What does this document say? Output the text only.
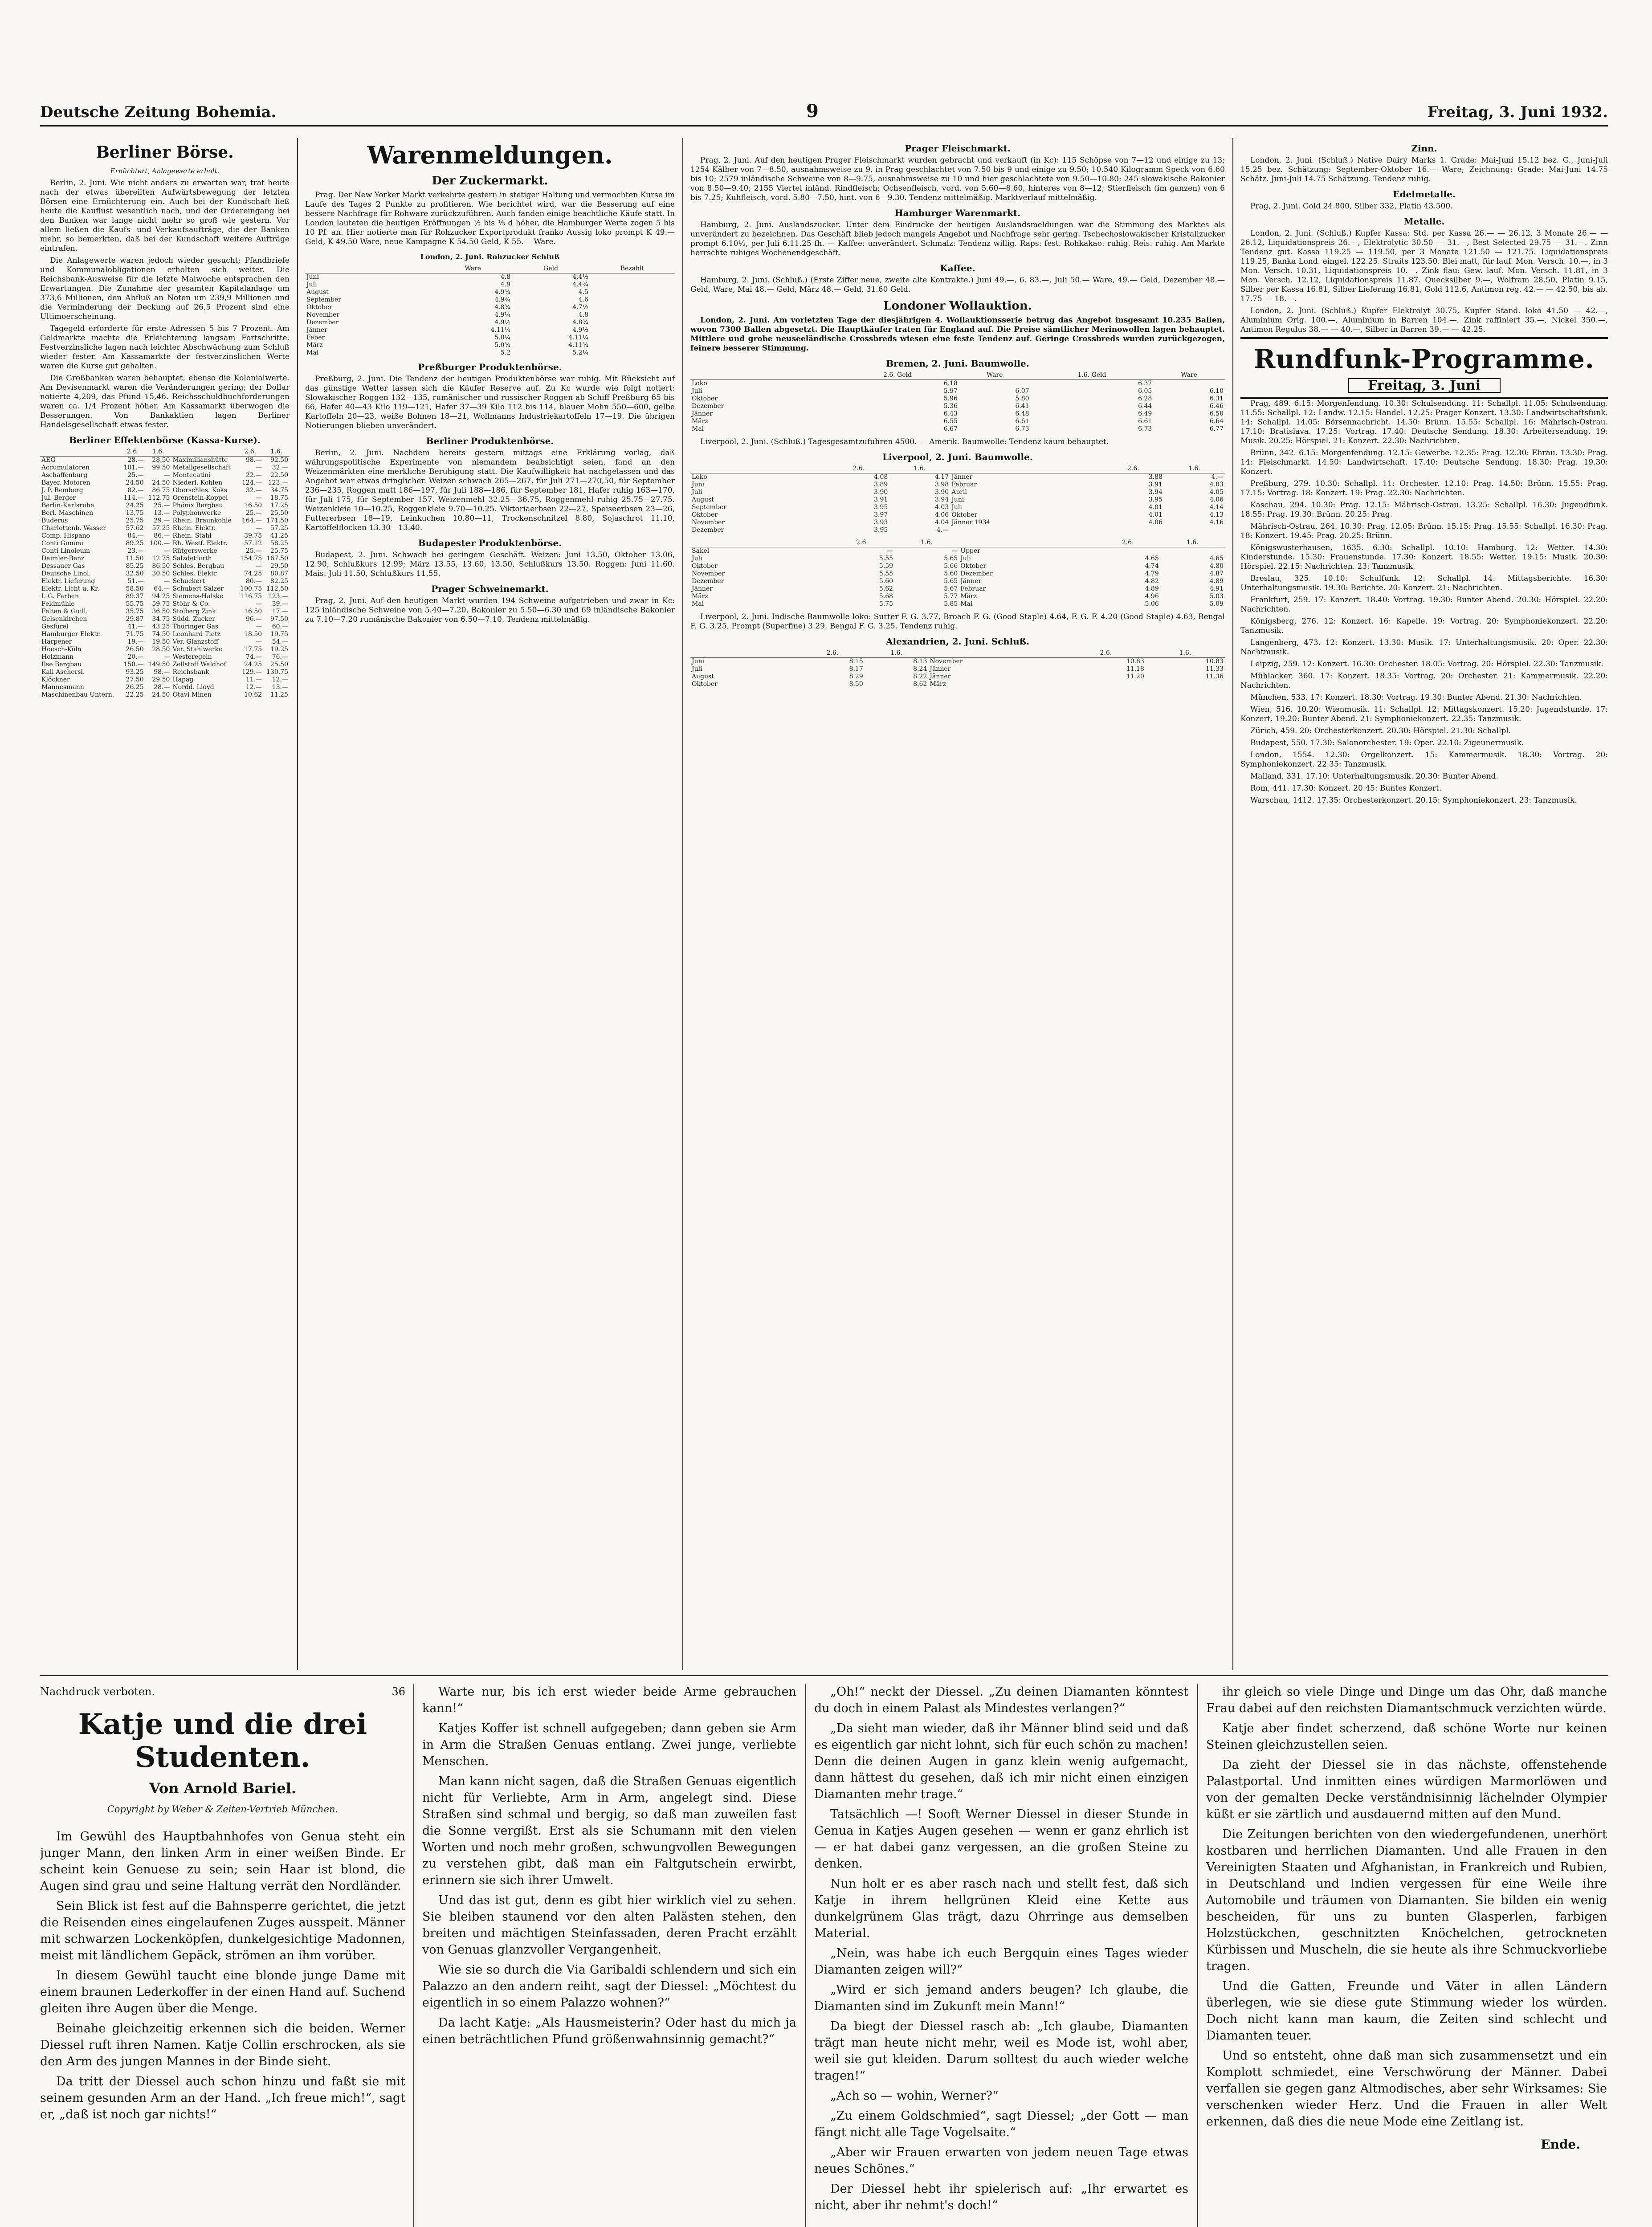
Deutsche Zeitung Bohemia.	9	Freitag, 3. Juni 1932.
Berliner Börse.
Ernüchtert, Anlagewerte erholt.

Berlin, 2. Juni. Wie nicht anders zu erwarten war, trat heute nach der etwas übereilten Aufwärtsbewegung der letzten Börsen eine Ernüchterung ein. Auch bei der Kundschaft ließ heute die Kauflust wesentlich nach, und der Ordereingang bei den Banken war lange nicht mehr so groß wie gestern. Vor allem ließen die Kaufs- und Verkaufsaufträge, die der Banken mehr, so bemerkten, daß bei der Kundschaft weitere Aufträge eintrafen.

Die Anlagewerte waren jedoch wieder gesucht; Pfandbriefe und Kommunalobligationen erholten sich weiter. Die Reichsbank-Ausweise für die letzte Maiwoche entsprachen den Erwartungen. Die Zunahme der gesamten Kapitalanlage um 373,6 Millionen, den Abfluß an Noten um 239,9 Millionen und die Verminderung der Deckung auf 26,5 Prozent sind eine Ultimoerscheinung.

Tagegeld erforderte für erste Adressen 5 bis 7 Prozent. Am Geldmarkte machte die Erleichterung langsam Fortschritte. Festverzinsliche lagen nach leichter Abschwächung zum Schluß wieder fester. Am Kassamarkte der festverzinslichen Werte waren die Kurse gut gehalten.

Die Großbanken waren behauptet, ebenso die Kolonialwerte. Am Devisenmarkt waren die Veränderungen gering; der Dollar notierte 4,209, das Pfund 15,46. Reichsschuldbuchforderungen waren ca. 1/4 Prozent höher. Am Kassamarkt überwogen die Besserungen. Von Bankaktien lagen Berliner Handelsgesellschaft etwas fester.

Berliner Effektenbörse (Kassa-Kurse).
	2.6.	1.6.		2.6.	1.6.
AEG	28.—	28.50	Maximilianshütte	98.—	92.50
Accumulatoren	101.—	99.50	Metallgesellschaft	—	32.—
Aschaffenburg	25.—	—	Montecatini	22.—	22.50
Bayer. Motoren	24.50	24.50	Niederl. Kohlen	124.—	123.—
J. P. Bemberg	82.—	86.75	Oberschles. Koks	32.—	34.75
Jul. Berger	114.—	112.75	Orenstein-Koppel	—	18.75
Berlin-Karlsruhe	24.25	25.—	Phönix Bergbau	16.50	17.25
Berl. Maschinen	13.75	13.—	Polyphonwerke	25.—	25.50
Buderus	25.75	29.—	Rhein. Braunkohle	164.—	171.50
Charlottenb. Wasser	57.62	57.25	Rhein. Elektr.	—	57.25
Comp. Hispano	84.—	86.—	Rhein. Stahl	39.75	41.25
Conti Gummi	89.25	100.—	Rh. Westf. Elektr.	57.12	58.25
Conti Linoleum	23.—	—	Rütgerswerke	25.—	25.75
Daimler-Benz	11.50	12.75	Salzdetfurth	154.75	167.50
Dessauer Gas	85.25	86.50	Schles. Bergbau	—	29.50
Deutsche Linol.	32.50	30.50	Schles. Elektr.	74.25	80.87
Elektr. Lieferung	51.—	—	Schuckert	80.—	82.25
Elektr. Licht u. Kr.	58.50	64.—	Schubert-Salzer	100.75	112.50
I. G. Farben	89.37	94.25	Siemens-Halske	116.75	123.—
Feldmühle	55.75	59.75	Stöhr & Co.	—	39.—
Felten & Guill.	35.75	36.50	Stolberg Zink	16.50	17.—
Gelsenkirchen	29.87	34.75	Südd. Zucker	96.—	97.50
Gesfürel	41.—	43.25	Thüringer Gas	—	60.—
Hamburger Elektr.	71.75	74.50	Leonhard Tietz	18.50	19.75
Harpener	19.—	19.50	Ver. Glanzstoff	—	54.—
Hoesch-Köln	26.50	28.50	Ver. Stahlwerke	17.75	19.25
Holzmann	20.—	—	Westeregeln	74.—	76.—
Ilse Bergbau	150.—	149.50	Zellstoff Waldhof	24.25	25.50
Kali Aschersl.	93.25	98.—	Reichsbank	129.—	130.75
Klöckner	27.50	29.50	Hapag	11.—	12.—
Mannesmann	26.25	28.—	Nordd. Lloyd	12.—	13.—
Maschinenbau Untern.	22.25	24.50	Otavi Minen	10.62	11.25
Warenmeldungen.
Der Zuckermarkt.

Prag. Der New Yorker Markt verkehrte gestern in stetiger Haltung und vermochten Kurse im Laufe des Tages 2 Punkte zu profitieren. Wie berichtet wird, war die Besserung auf eine bessere Nachfrage für Rohware zurückzuführen. Auch fanden einige beachtliche Käufe statt. In London lauteten die heutigen Eröffnungen ½ bis ⅓ d höher, die Hamburger Werte zogen 5 bis 10 Pf. an. Hier notierte man für Rohzucker Exportprodukt franko Aussig loko prompt K 49.— Geld, K 49.50 Ware, neue Kampagne K 54.50 Geld, K 55.— Ware.

London, 2. Juni. Rohzucker Schluß
	Ware	Geld	Bezahlt
Juni	4.8	4.4½	
Juli	4.9	4.4¾	
August	4.9¾	4.5	
September	4.9¾	4.6	
Oktober	4.8¾	4.7½	
November	4.9¼	4.8	
Dezember	4.9½	4.8¾	
Jänner	4.11¼	4.9½	
Feber	5.0¼	4.11¼	
März	5.0¾	4.11¾	
Mai	5.2	5.2¼	
Preßburger Produktenbörse.

Preßburg, 2. Juni. Die Tendenz der heutigen Produktenbörse war ruhig. Mit Rücksicht auf das günstige Wetter lassen sich die Käufer Reserve auf. Zu Kc wurde wie folgt notiert: Slowakischer Roggen 132—135, rumänischer und russischer Roggen ab Schiff Preßburg 65 bis 66, Hafer 40—43 Kilo 119—121, Hafer 37—39 Kilo 112 bis 114, blauer Mohn 550—600, gelbe Kartoffeln 20—23, weiße Bohnen 18—21, Wollmanns Industriekartoffeln 17—19. Die übrigen Notierungen blieben unverändert.

Berliner Produktenbörse.

Berlin, 2. Juni. Nachdem bereits gestern mittags eine Erklärung vorlag, daß währungspolitische Experimente von niemandem beabsichtigt seien, fand an den Weizenmärkten eine merkliche Beruhigung statt. Die Kaufwilligkeit hat nachgelassen und das Angebot war etwas dringlicher. Weizen schwach 265—267, für Juli 271—270,50, für September 236—235, Roggen matt 186—197, für Juli 188—186, für September 181, Hafer ruhig 163—170, für Juli 175, für September 157. Weizenmehl 32.25—36.75, Roggenmehl ruhig 25.75—27.75. Weizenkleie 10—10.25, Roggenkleie 9.70—10.25. Viktoriaerbsen 22—27, Speiseerbsen 23—26, Futtererbsen 18—19, Leinkuchen 10.80—11, Trockenschnitzel 8.80, Sojaschrot 11.10, Kartoffelflocken 13.30—13.40.

Budapester Produktenbörse.

Budapest, 2. Juni. Schwach bei geringem Geschäft. Weizen: Juni 13.50, Oktober 13.06, 12.90, Schlußkurs 12.99; März 13.55, 13.60, 13.50, Schlußkurs 13.50. Roggen: Juni 11.60. Mais: Juli 11.50, Schlußkurs 11.55.

Prager Schweinemarkt.

Prag, 2. Juni. Auf den heutigen Markt wurden 194 Schweine aufgetrieben und zwar in Kc: 125 inländische Schweine von 5.40—7.20, Bakonier zu 5.50—6.30 und 69 inländische Bakonier zu 7.10—7.20 rumänische Bakonier von 6.50—7.10. Tendenz mittelmäßig.

Prager Fleischmarkt.

Prag, 2. Juni. Auf den heutigen Prager Fleischmarkt wurden gebracht und verkauft (in Kc): 115 Schöpse von 7—12 und einige zu 13; 1254 Kälber von 7—8.50, ausnahmsweise zu 9, in Prag geschlachtet von 7.50 bis 9 und einige zu 9.50; 10.540 Kilogramm Speck von 6.60 bis 10; 2579 inländische Schweine von 8—9.75, ausnahmsweise zu 10 und hier geschlachtete von 9.50—10.80; 245 slowakische Bakonier von 8.50—9.40; 2155 Viertel inländ. Rindfleisch; Ochsenfleisch, vord. von 5.60—8.60, hinteres von 8—12; Stierfleisch (im ganzen) von 6 bis 7.25; Kuhfleisch, vord. 5.80—7.50, hint. von 6—9.30. Tendenz mittelmäßig. Marktverlauf mittelmäßig.

Hamburger Warenmarkt.

Hamburg, 2. Juni. Auslandszucker. Unter dem Eindrucke der heutigen Auslandsmeldungen war die Stimmung des Marktes als unverändert zu bezeichnen. Das Geschäft blieb jedoch mangels Angebot und Nachfrage sehr gering. Tschechoslowakischer Kristallzucker prompt 6.10½, per Juli 6.11.25 fh. — Kaffee: unverändert. Schmalz: Tendenz willig. Raps: fest. Rohkakao: ruhig. Reis: ruhig. Am Markte herrschte ruhiges Wochenendgeschäft.

Kaffee.

Hamburg, 2. Juni. (Schluß.) (Erste Ziffer neue, zweite alte Kontrakte.) Juni 49.—, 6. 83.—, Juli 50.— Ware, 49.— Geld, Dezember 48.— Geld, Ware, Mai 48.— Geld, März 48.— Geld, 31.60 Geld.

Londoner Wollauktion.

London, 2. Juni. Am vorletzten Tage der diesjährigen 4. Wollauktionsserie betrug das Angebot insgesamt 10.235 Ballen, wovon 7300 Ballen abgesetzt. Die Hauptkäufer traten für England auf. Die Preise sämtlicher Merinowollen lagen behauptet. Mittlere und grobe neuseeländische Crossbreds wiesen eine feste Tendenz auf. Geringe Crossbreds wurden zurückgezogen, feinere besserer Stimmung.

Bremen, 2. Juni. Baumwolle.
	2.6. Geld	Ware	1.6. Geld	Ware
Loko	6.18		6.37	
Juli	5.97	6.07	6.05	6.10
Oktober	5.96	5.80	6.28	6.31
Dezember	5.36	6.41	6.44	6.46
Jänner	6.43	6.48	6.49	6.50
März	6.55	6.61	6.61	6.64
Mai	6.67	6.73	6.73	6.77

Liverpool, 2. Juni. (Schluß.) Tagesgesamtzufuhren 4500. — Amerik. Baumwolle: Tendenz kaum behauptet.

Liverpool, 2. Juni. Baumwolle.
	2.6.	1.6.		2.6.	1.6.
Loko	4.08	4.17	Jänner	3.88	4.—
Juni	3.89	3.98	Februar	3.91	4.03
Juli	3.90	3.90	April	3.94	4.05
August	3.91	3.94	Juni	3.95	4.06
September	3.95	4.03	Juli	4.01	4.14
Oktober	3.97	4.06	Oktober	4.01	4.13
November	3.93	4.04	Jänner 1934	4.06	4.16
Dezember	3.95	4.—			
	2.6.	1.6.		2.6.	1.6.
Sakel	—	—	Upper		
Juli	5.55	5.65	Juli	4.65	4.65
Oktober	5.59	5.66	Oktober	4.74	4.80
November	5.55	5.60	Dezember	4.79	4.87
Dezember	5.60	5.65	Jänner	4.82	4.89
Jänner	5.62	5.67	Februar	4.89	4.91
März	5.68	5.77	März	4.96	5.03
Mai	5.75	5.85	Mai	5.06	5.09

Liverpool, 2. Juni. Indische Baumwolle loko: Surter F. G. 3.77, Broach F. G. (Good Staple) 4.64, F. G. F. 4.20 (Good Staple) 4.63, Bengal F. G. 3.25, Prompt (Superfine) 3.29, Bengal F. G. 3.25. Tendenz ruhig.

Alexandrien, 2. Juni. Schluß.
	2.6.	1.6.		2.6.	1.6.
Juni	8.15	8.13	November	10.83	10.83
Juli	8.17	8.24	Jänner	11.18	11.33
August	8.29	8.22	Jänner	11.20	11.36
Oktober	8.50	8.62	März		
Zinn.

London, 2. Juni. (Schluß.) Native Dairy Marks 1. Grade: Mai-Juni 15.12 bez. G., Juni-Juli 15.25 bez. Schätzung: September-Oktober 16.— Ware; Zeichnung: Grade: Mai-Juni 14.75 Schätz. Juni-Juli 14.75 Schätzung. Tendenz ruhig.

Edelmetalle.

Prag, 2. Juni. Gold 24.800, Silber 332, Platin 43.500.

Metalle.

London, 2. Juni. (Schluß.) Kupfer Kassa: Std. per Kassa 26.— — 26.12, 3 Monate 26.— — 26.12, Liquidationspreis 26.—, Elektrolytic 30.50 — 31.—, Best Selected 29.75 — 31.—. Zinn Tendenz gut. Kassa 119.25 — 119.50, per 3 Monate 121.50 — 121.75. Liquidationspreis 119.25, Banka Lond. eingel. 122.25. Straits 123.50. Blei matt, für lauf. Mon. Versch. 10.—, in 3 Mon. Versch. 10.31, Liquidationspreis 10.—. Zink flau: Gew. lauf. Mon. Versch. 11.81, in 3 Mon. Versch. 12.12, Liquidationspreis 11.87. Quecksilber 9.—, Wolfram 28.50, Platin 9.15, Silber per Kassa 16.81, Silber Lieferung 16.81, Gold 112.6, Antimon reg. 42.— — 42.50, bis ab. 17.75 — 18.—.

London, 2. Juni. (Schluß.) Kupfer Elektrolyt 30.75, Kupfer Stand. loko 41.50 — 42.—, Aluminium Orig. 100.—, Aluminium in Barren 104.—, Zink raffiniert 35.—, Nickel 350.—, Antimon Regulus 38.— — 40.—, Silber in Barren 39.— — 42.25.

Rundfunk-Programme.
Freitag, 3. Juni

Prag, 489. 6.15: Morgenfendung. 10.30: Schulsendung. 11: Schallpl. 11.05: Schulsendung. 11.55: Schallpl. 12: Landw. 12.15: Handel. 12.25: Prager Konzert. 13.30: Landwirtschaftsfunk. 14: Schallpl. 14.05: Börsennachricht. 14.50: Brünn. 15.55: Schallpl. 16: Mährisch-Ostrau. 17.10: Bratislava. 17.25: Vortrag. 17.40: Deutsche Sendung. 18.30: Arbeitersendung. 19: Musik. 20.25: Hörspiel. 21: Konzert. 22.30: Nachrichten.

Brünn, 342. 6.15: Morgenfendung. 12.15: Gewerbe. 12.35: Prag. 12.30: Ehrau. 13.30: Prag. 14: Fleischmarkt. 14.50: Landwirtschaft. 17.40: Deutsche Sendung. 18.30: Prag. 19.30: Konzert.

Preßburg, 279. 10.30: Schallpl. 11: Orchester. 12.10: Prag. 14.50: Brünn. 15.55: Prag. 17.15: Vortrag. 18: Konzert. 19: Prag. 22.30: Nachrichten.

Kaschau, 294. 10.30: Prag. 12.15: Mährisch-Ostrau. 13.25: Schallpl. 16.30: Jugendfunk. 18.55: Prag. 19.30: Brünn. 20.25: Prag.

Mährisch-Ostrau, 264. 10.30: Prag. 12.05: Brünn. 15.15: Prag. 15.55: Schallpl. 16.30: Prag. 18: Konzert. 19.45: Prag. 20.25: Brünn.

Königswusterhausen, 1635. 6.30: Schallpl. 10.10: Hamburg. 12: Wetter. 14.30: Kinderstunde. 15.30: Frauenstunde. 17.30: Konzert. 18.55: Wetter. 19.15: Musik. 20.30: Hörspiel. 22.15: Nachrichten. 23: Tanzmusik.

Breslau, 325. 10.10: Schulfunk. 12: Schallpl. 14: Mittagsberichte. 16.30: Unterhaltungsmusik. 19.30: Berichte. 20: Konzert. 21: Nachrichten.

Frankfurt, 259. 17: Konzert. 18.40: Vortrag. 19.30: Bunter Abend. 20.30: Hörspiel. 22.20: Nachrichten.

Königsberg, 276. 12: Konzert. 16: Kapelle. 19: Vortrag. 20: Symphoniekonzert. 22.20: Tanzmusik.

Langenberg, 473. 12: Konzert. 13.30: Musik. 17: Unterhaltungsmusik. 20: Oper. 22.30: Nachtmusik.

Leipzig, 259. 12: Konzert. 16.30: Orchester. 18.05: Vortrag. 20: Hörspiel. 22.30: Tanzmusik.

Mühlacker, 360. 17: Konzert. 18.35: Vortrag. 20: Orchester. 21: Kammermusik. 22.20: Nachrichten.

München, 533. 17: Konzert. 18.30: Vortrag. 19.30: Bunter Abend. 21.30: Nachrichten.

Wien, 516. 10.20: Wienmusik. 11: Schallpl. 12: Mittagskonzert. 15.20: Jugendstunde. 17: Konzert. 19.20: Bunter Abend. 21: Symphoniekonzert. 22.35: Tanzmusik.

Zürich, 459. 20: Orchesterkonzert. 20.30: Hörspiel. 21.30: Schallpl.

Budapest, 550. 17.30: Salonorchester. 19: Oper. 22.10: Zigeunermusik.

London, 1554. 12.30: Orgelkonzert. 15: Kammermusik. 18.30: Vortrag. 20: Symphoniekonzert. 22.35: Tanzmusik.

Mailand, 331. 17.10: Unterhaltungsmusik. 20.30: Bunter Abend.

Rom, 441. 17.30: Konzert. 20.45: Buntes Konzert.

Warschau, 1412. 17.35: Orchesterkonzert. 20.15: Symphoniekonzert. 23: Tanzmusik.

Nachdruck verboten.	36
Katje und die drei Studenten.
Von Arnold Bariel.
Copyright by Weber & Zeiten-Vertrieb München.

Im Gewühl des Hauptbahnhofes von Genua steht ein junger Mann, den linken Arm in einer weißen Binde. Er scheint kein Genuese zu sein; sein Haar ist blond, die Augen sind grau und seine Haltung verrät den Nordländer.

Sein Blick ist fest auf die Bahnsperre gerichtet, die jetzt die Reisenden eines eingelaufenen Zuges ausspeit. Männer mit schwarzen Lockenköpfen, dunkelgesichtige Madonnen, meist mit ländlichem Gepäck, strömen an ihm vorüber.

In diesem Gewühl taucht eine blonde junge Dame mit einem braunen Lederkoffer in der einen Hand auf. Suchend gleiten ihre Augen über die Menge.

Beinahe gleichzeitig erkennen sich die beiden. Werner Diessel ruft ihren Namen. Katje Collin erschrocken, als sie den Arm des jungen Mannes in der Binde sieht.

Da tritt der Diessel auch schon hinzu und faßt sie mit seinem gesunden Arm an der Hand. „Ich freue mich!“, sagt er, „daß ist noch gar nichts!“

Warte nur, bis ich erst wieder beide Arme gebrauchen kann!“

Katjes Koffer ist schnell aufgegeben; dann geben sie Arm in Arm die Straßen Genuas entlang. Zwei junge, verliebte Menschen.

Man kann nicht sagen, daß die Straßen Genuas eigentlich nicht für Verliebte, Arm in Arm, angelegt sind. Diese Straßen sind schmal und bergig, so daß man zuweilen fast die Sonne vergißt. Erst als sie Schumann mit den vielen Worten und noch mehr großen, schwungvollen Bewegungen zu verstehen gibt, daß man ein Faltgutschein erwirbt, erinnern sie sich ihrer Umwelt.

Und das ist gut, denn es gibt hier wirklich viel zu sehen. Sie bleiben staunend vor den alten Palästen stehen, den breiten und mächtigen Steinfassaden, deren Pracht erzählt von Genuas glanzvoller Vergangenheit.

Wie sie so durch die Via Garibaldi schlendern und sich ein Palazzo an den andern reiht, sagt der Diessel: „Möchtest du eigentlich in so einem Palazzo wohnen?“

Da lacht Katje: „Als Hausmeisterin? Oder hast du mich ja einen beträchtlichen Pfund größenwahnsinnig gemacht?“

„Oh!“ neckt der Diessel. „Zu deinen Diamanten könntest du doch in einem Palast als Mindestes verlangen?“

„Da sieht man wieder, daß ihr Männer blind seid und daß es eigentlich gar nicht lohnt, sich für euch schön zu machen! Denn die deinen Augen in ganz klein wenig aufgemacht, dann hättest du gesehen, daß ich mir nicht einen einzigen Diamanten mehr trage.“

Tatsächlich —! Sooft Werner Diessel in dieser Stunde in Genua in Katjes Augen gesehen — wenn er ganz ehrlich ist — er hat dabei ganz vergessen, an die großen Steine zu denken.

Nun holt er es aber rasch nach und stellt fest, daß sich Katje in ihrem hellgrünen Kleid eine Kette aus dunkelgrünem Glas trägt, dazu Ohrringe aus demselben Material.

„Nein, was habe ich euch Bergquin eines Tages wieder Diamanten zeigen will?“

„Wird er sich jemand anders beugen? Ich glaube, die Diamanten sind im Zukunft mein Mann!“

Da biegt der Diessel rasch ab: „Ich glaube, Diamanten trägt man heute nicht mehr, weil es Mode ist, wohl aber, weil sie gut kleiden. Darum solltest du auch wieder welche tragen!“

„Ach so — wohin, Werner?“

„Zu einem Goldschmied“, sagt Diessel; „der Gott — man fängt nicht alle Tage Vogelsaite.“

„Aber wir Frauen erwarten von jedem neuen Tage etwas neues Schönes.“

Der Diessel hebt ihr spielerisch auf: „Ihr erwartet es nicht, aber ihr nehmt's doch!“

ihr gleich so viele Dinge und Dinge um das Ohr, daß manche Frau dabei auf den reichsten Diamantschmuck verzichten würde.

Katje aber findet scherzend, daß schöne Worte nur keinen Steinen gleichzustellen seien.

Da zieht der Diessel sie in das nächste, offenstehende Palastportal. Und inmitten eines würdigen Marmorlöwen und von der gemalten Decke verständnisinnig lächelnder Olympier küßt er sie zärtlich und ausdauernd mitten auf den Mund.

Die Zeitungen berichten von den wiedergefundenen, unerhört kostbaren und herrlichen Diamanten. Und alle Frauen in den Vereinigten Staaten und Afghanistan, in Frankreich und Rubien, in Deutschland und Indien vergessen für eine Weile ihre Automobile und träumen von Diamanten. Sie bilden ein wenig bescheiden, für uns zu bunten Glasperlen, farbigen Holzstückchen, geschnitzten Knöchelchen, getrockneten Kürbissen und Muscheln, die sie heute als ihre Schmuckvorliebe tragen.

Und die Gatten, Freunde und Väter in allen Ländern überlegen, wie sie diese gute Stimmung wieder los würden. Doch nicht kann man kaum, die Zeiten sind schlecht und Diamanten teuer.

Und so entsteht, ohne daß man sich zusammensetzt und ein Komplott schmiedet, eine Verschwörung der Männer. Dabei verfallen sie gegen ganz Altmodisches, aber sehr Wirksames: Sie verschenken wieder Herz. Und die Frauen in aller Welt erkennen, daß dies die neue Mode eine Zeitlang ist.

Ende.
